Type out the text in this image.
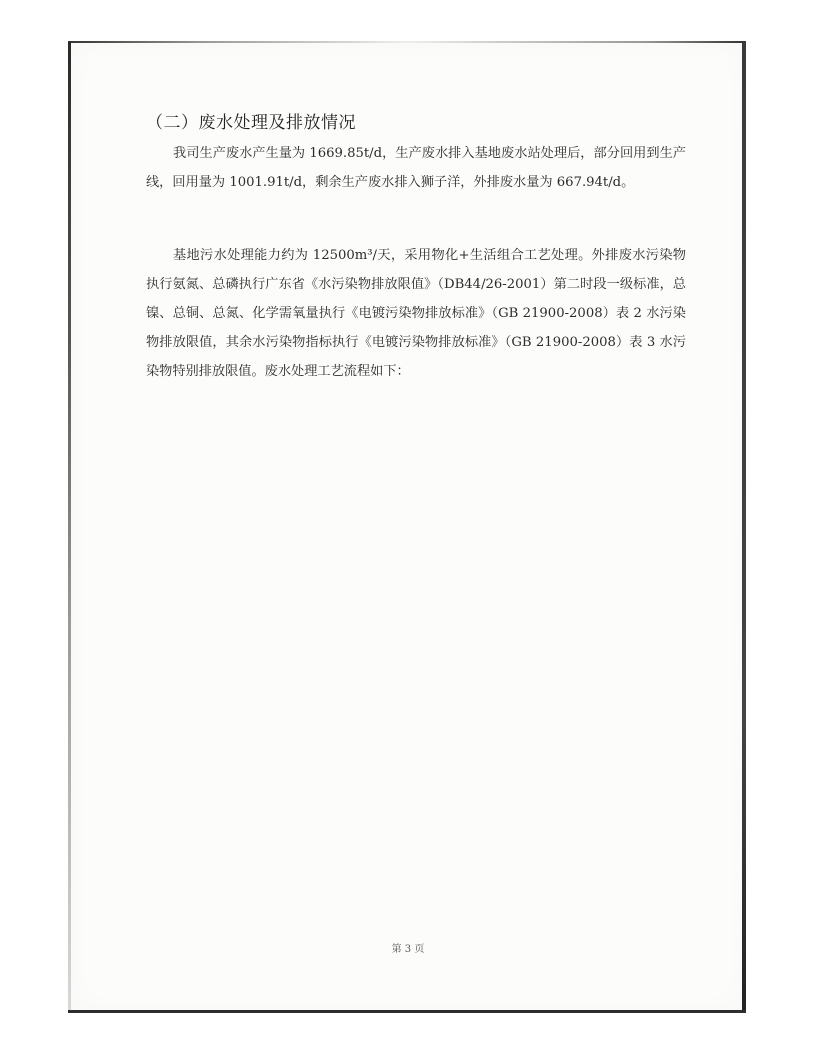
（二）废水处理及排放情况

我司生产废水产生量为 1669.85t/d，生产废水排入基地废水站处理后，部分回用到生产线，回用量为 1001.91t/d，剩余生产废水排入狮子洋，外排废水量为 667.94t/d。

基地污水处理能力约为 12500m³/天，采用物化+生活组合工艺处理。外排废水污染物执行氨氮、总磷执行广东省《水污染物排放限值》（DB44/26-2001）第二时段一级标准，总镍、总铜、总氮、化学需氧量执行《电镀污染物排放标准》（GB 21900-2008）表 2 水污染物排放限值，其余水污染物指标执行《电镀污染物排放标准》（GB 21900-2008）表 3 水污染物特别排放限值。废水处理工艺流程如下：

第 3 页
